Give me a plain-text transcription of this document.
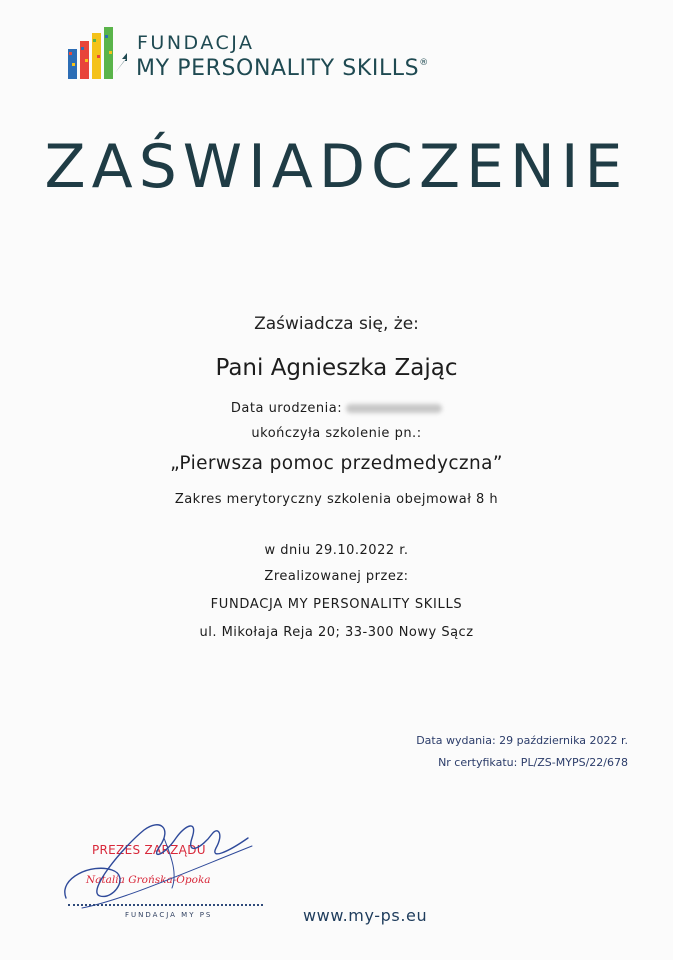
FUNDACJA
MY PERSONALITY SKILLS®
ZAŚWIADCZENIE
Zaświadcza się, że:
Pani Agnieszka Zając
Data urodzenia:
ukończyła szkolenie pn.:
„Pierwsza pomoc przedmedyczna”
Zakres merytoryczny szkolenia obejmował 8 h
w dniu 29.10.2022 r.
Zrealizowanej przez:
FUNDACJA MY PERSONALITY SKILLS
ul. Mikołaja Reja 20; 33-300 Nowy Sącz
Data wydania: 29 października 2022 r.
Nr certyfikatu: PL/ZS-MYPS/22/678
PREZES ZARZĄDU
Natalia Grońska-Opoka
FUNDACJA MY PS	www.my-ps.eu
